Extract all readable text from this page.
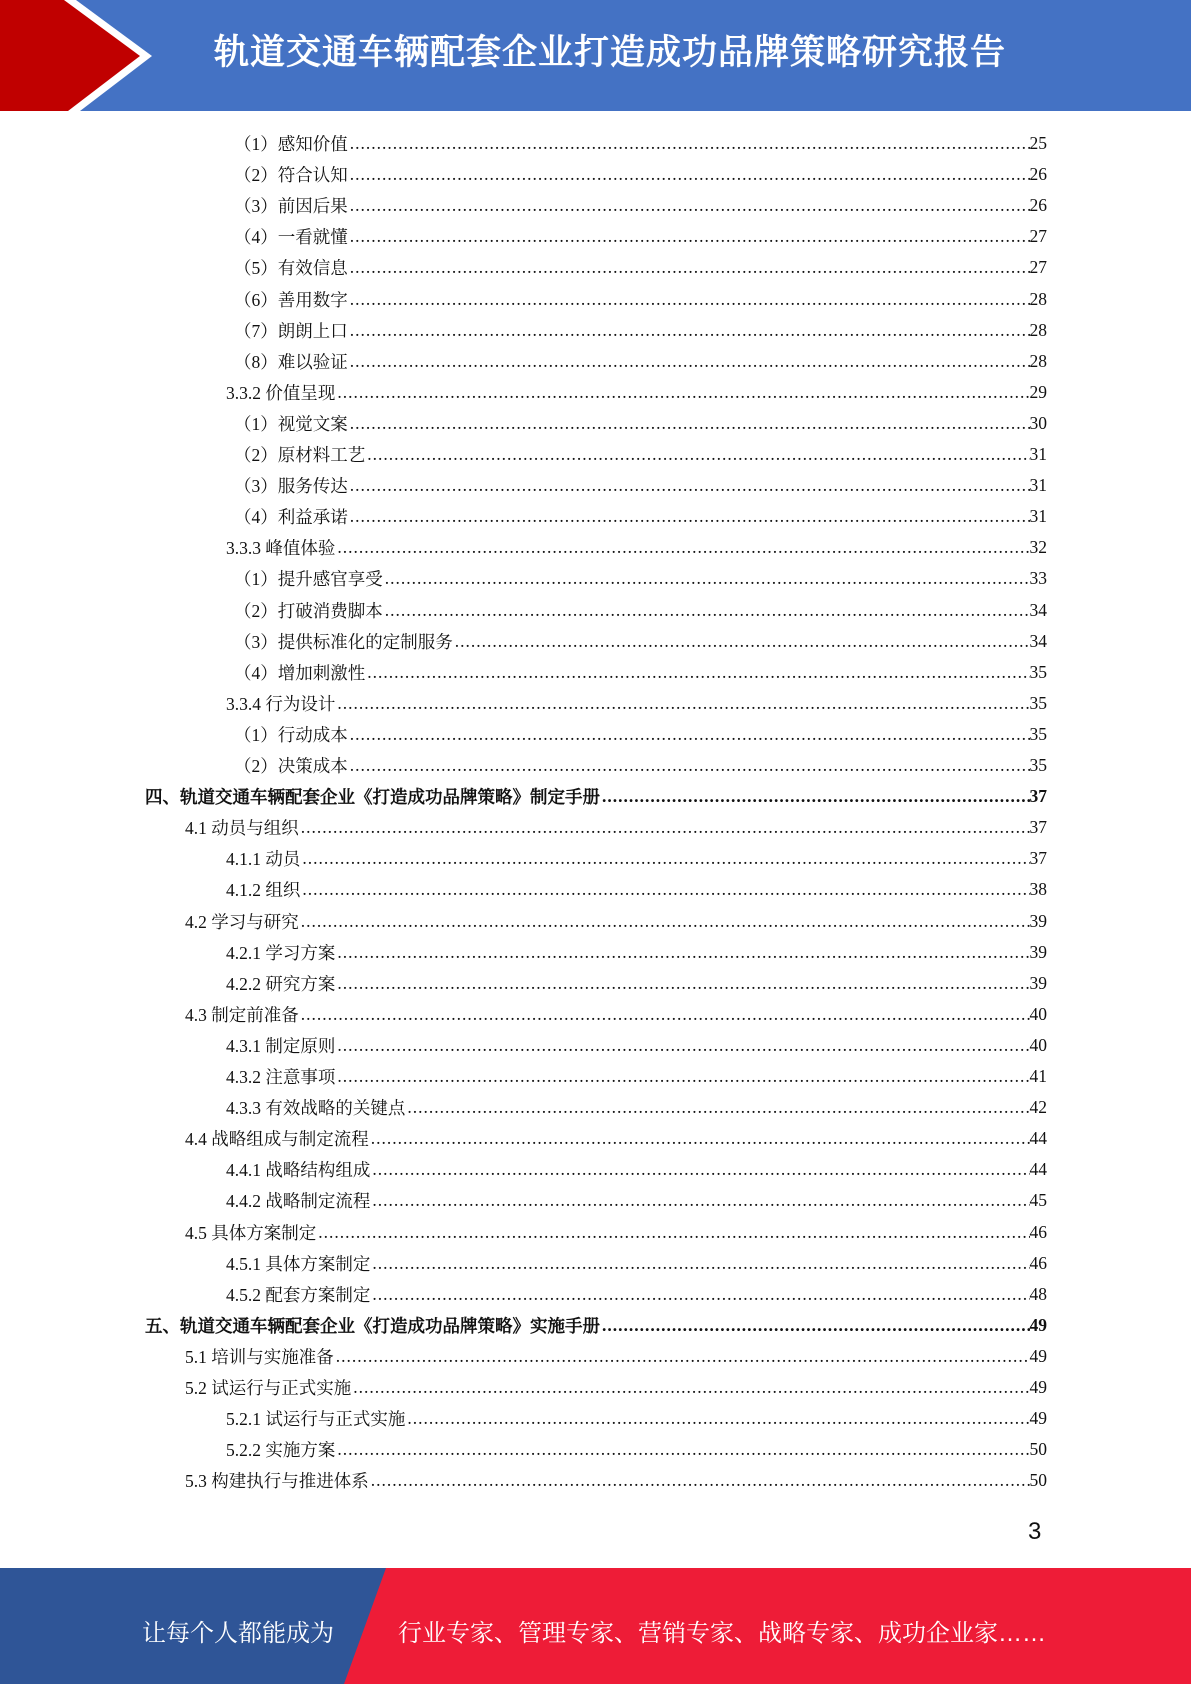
轨道交通车辆配套企业打造成功品牌策略研究报告
（1）感知价值 .....	25
（2）符合认知 .....	26
（3）前因后果 .....	26
（4）一看就懂 .....	27
（5）有效信息 .....	27
（6）善用数字 .....	28
（7）朗朗上口 .....	28
（8）难以验证 .....	28
3.3.2 价值呈现 .....	29
（1）视觉文案 .....	30
（2）原材料工艺 .....	31
（3）服务传达 .....	31
（4）利益承诺 .....	31
3.3.3 峰值体验 .....	32
（1）提升感官享受 .....	33
（2）打破消费脚本 .....	34
（3）提供标准化的定制服务 .....	34
（4）增加刺激性 .....	35
3.3.4 行为设计 .....	35
（1）行动成本 .....	35
（2）决策成本 .....	35
四、轨道交通车辆配套企业《打造成功品牌策略》制定手册 .....	37
4.1 动员与组织 .....	37
4.1.1 动员 .....	37
4.1.2 组织 .....	38
4.2 学习与研究 .....	39
4.2.1 学习方案 .....	39
4.2.2 研究方案 .....	39
4.3 制定前准备 .....	40
4.3.1 制定原则 .....	40
4.3.2 注意事项 .....	41
4.3.3 有效战略的关键点 .....	42
4.4 战略组成与制定流程 .....	44
4.4.1 战略结构组成 .....	44
4.4.2 战略制定流程 .....	45
4.5 具体方案制定 .....	46
4.5.1 具体方案制定 .....	46
4.5.2 配套方案制定 .....	48
五、轨道交通车辆配套企业《打造成功品牌策略》实施手册 .....	49
5.1 培训与实施准备 .....	49
5.2 试运行与正式实施 .....	49
5.2.1 试运行与正式实施 .....	49
5.2.2 实施方案 .....	50
5.3 构建执行与推进体系 .....	50
3
让每个人都能成为	行业专家、管理专家、营销专家、战略专家、成功企业家……
